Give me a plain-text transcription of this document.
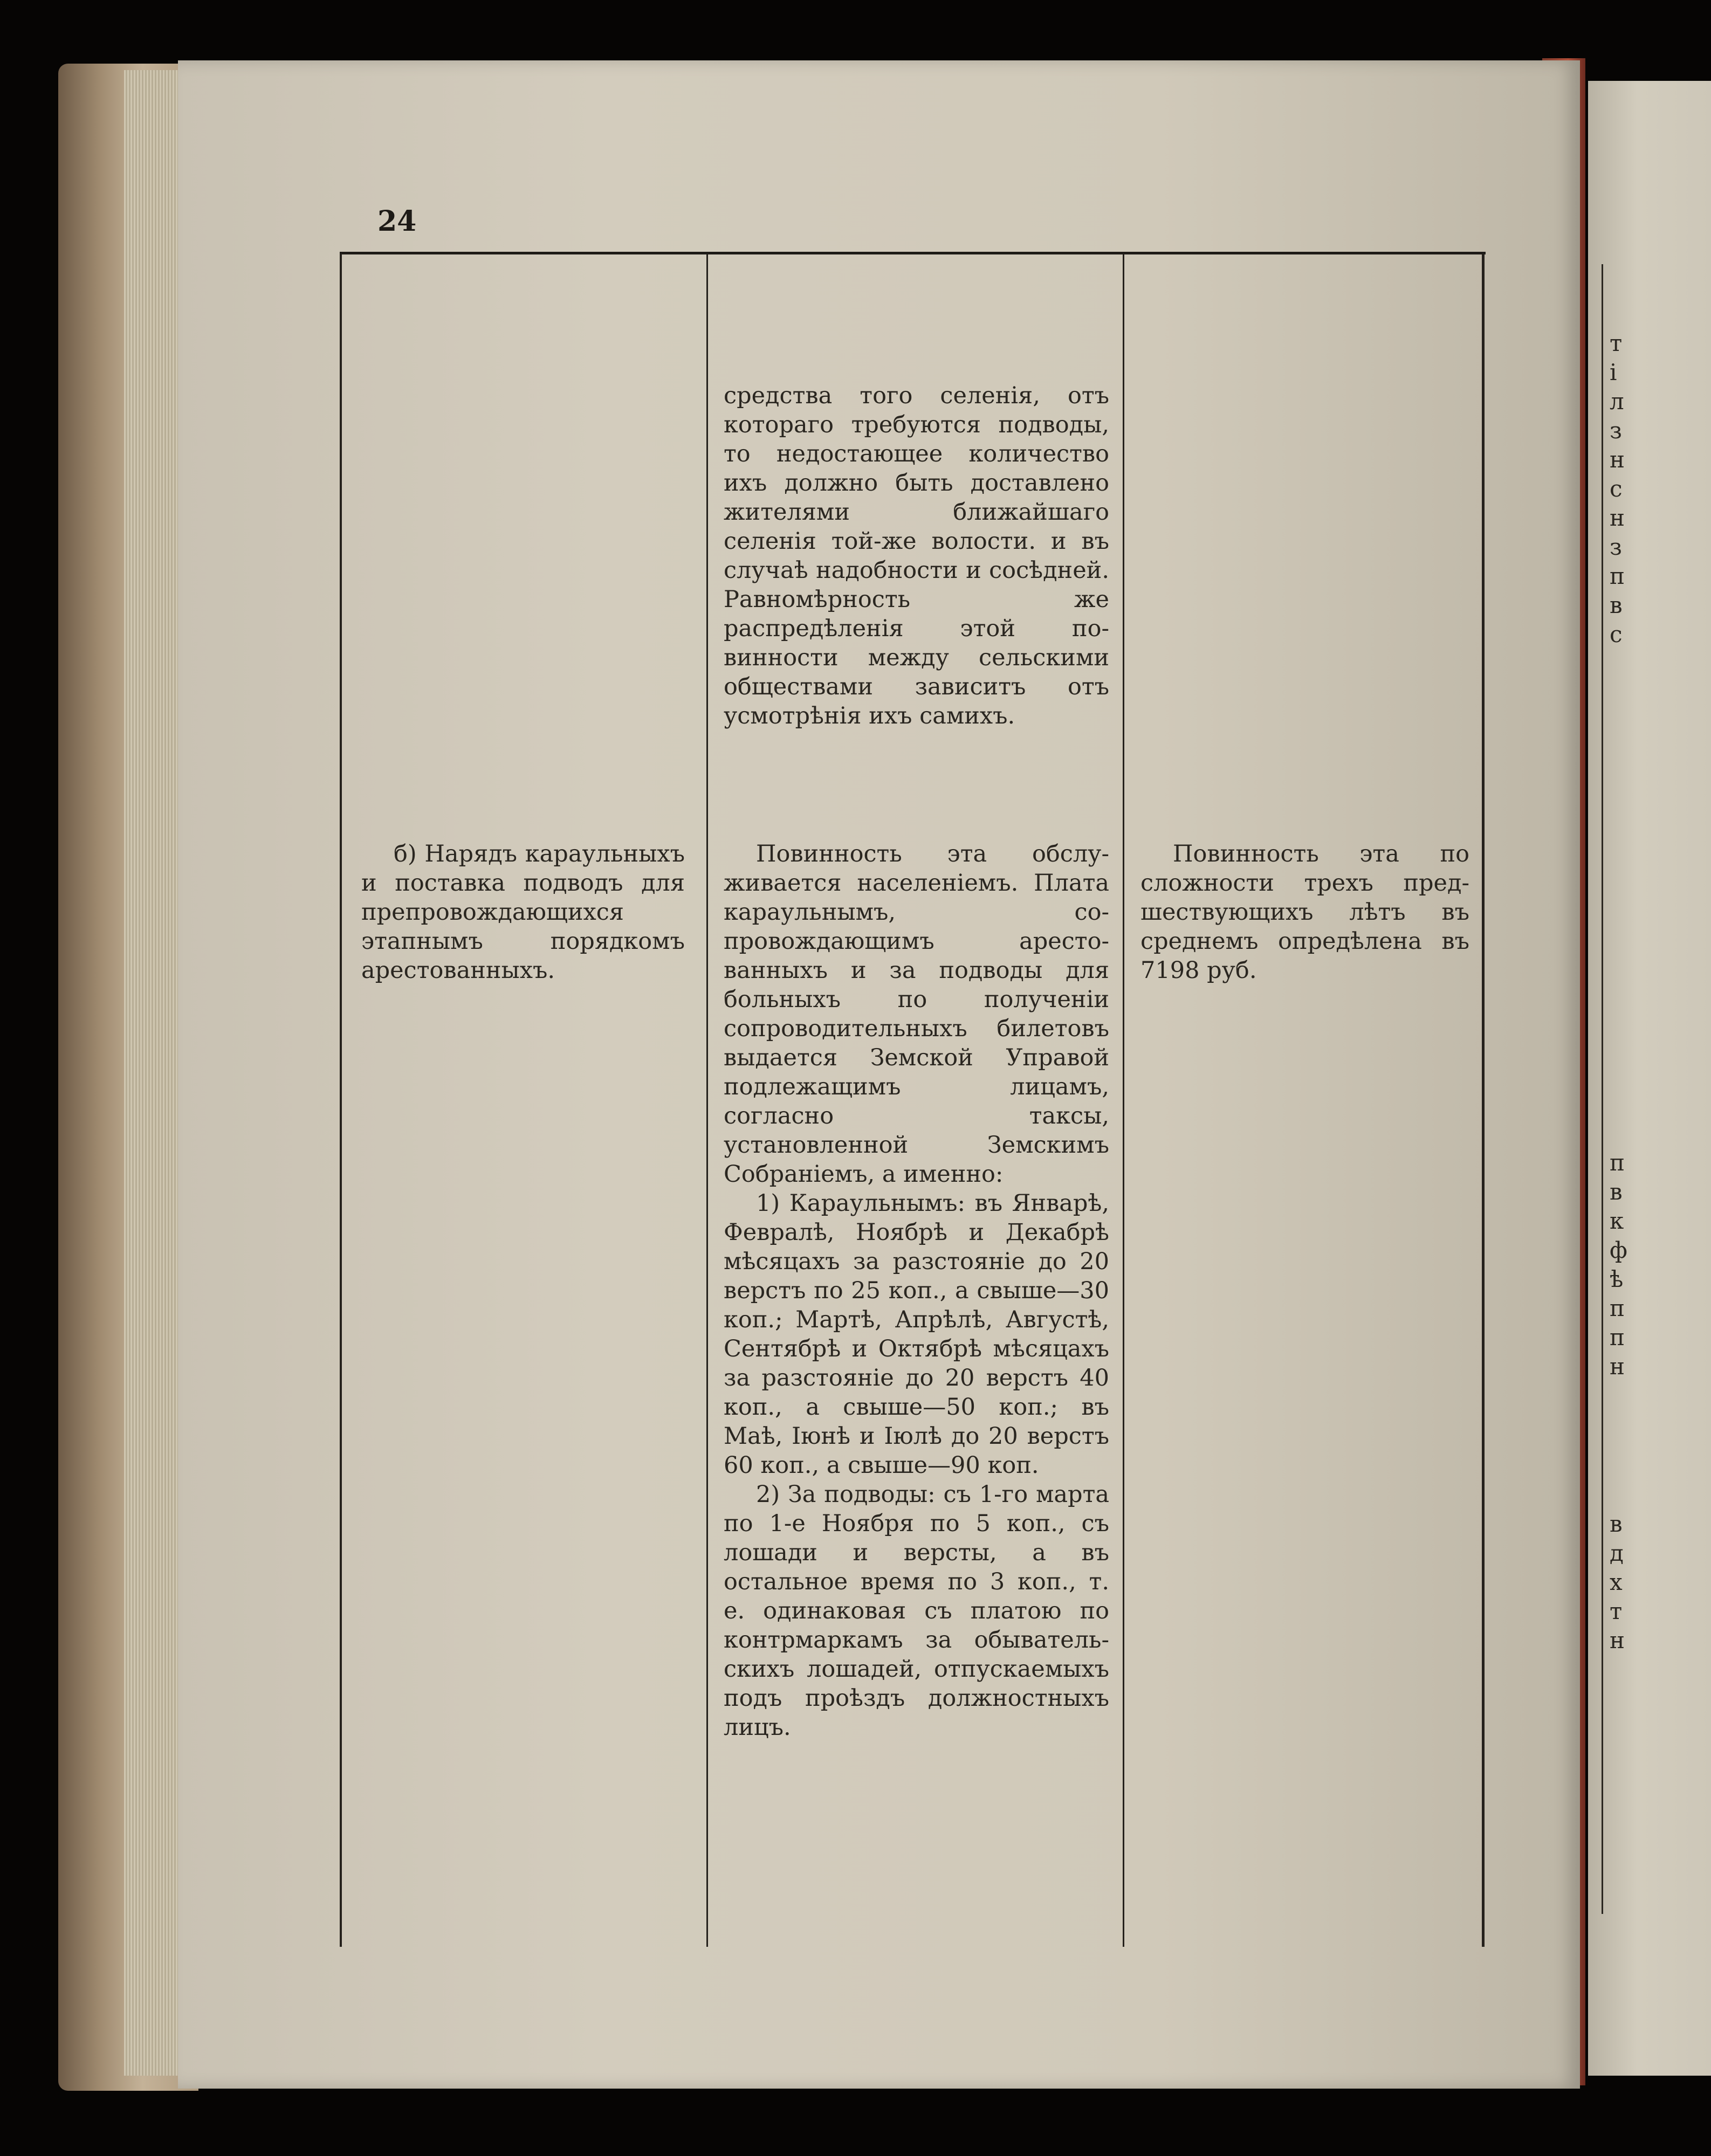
24

средства того селенія, отъ котораго требуются подводы, то недостающее количество ихъ должно быть доставлено жителями ближайшаго селенія той-же волости. и въ случаѣ надобности и сосѣдней. Равномѣрность же распредѣленія этой повинности между сельскими обществами зависитъ отъ усмотрѣнія ихъ самихъ.

б) Нарядъ караульныхъ и поставка подводъ для препровождающихся этапнымъ порядкомъ арестованныхъ.

Повинность эта обслуживается населеніемъ. Плата караульнымъ, сопровождающимъ арестованныхъ и за подводы для больныхъ по полученіи сопроводительныхъ билетовъ выдается Земской Управой подлежащимъ лицамъ, согласно таксы, установленной Земскимъ Собраніемъ, а именно:

1) Караульнымъ: въ Январѣ, Февралѣ, Ноябрѣ и Декабрѣ мѣсяцахъ за разстояніе до 20 верстъ по 25 коп., а свыше—30 коп.; Мартѣ, Апрѣлѣ, Августѣ, Сентябрѣ и Октябрѣ мѣсяцахъ за разстояніе до 20 верстъ 40 коп., а свыше—50 коп.; въ Маѣ, Іюнѣ и Іюлѣ до 20 верстъ 60 коп., а свыше—90 коп.

2) За подводы: съ 1-го марта по 1-е Ноября по 5 коп., съ лошади и версты, а въ остальное время по 3 коп., т. е. одинаковая съ платою по контрмаркамъ за обывательскихъ лошадей, отпускаемыхъ подъ проѣздъ должностныхъ лицъ.

Повинность эта по сложности трехъ предшествующихъ лѣтъ въ среднемъ опредѣлена въ 7198 руб.

т
і
л
з
н
с
н
з
п
в
с
п
в
к
ф
ѣ
п
п
н
в
д
х
т
н
